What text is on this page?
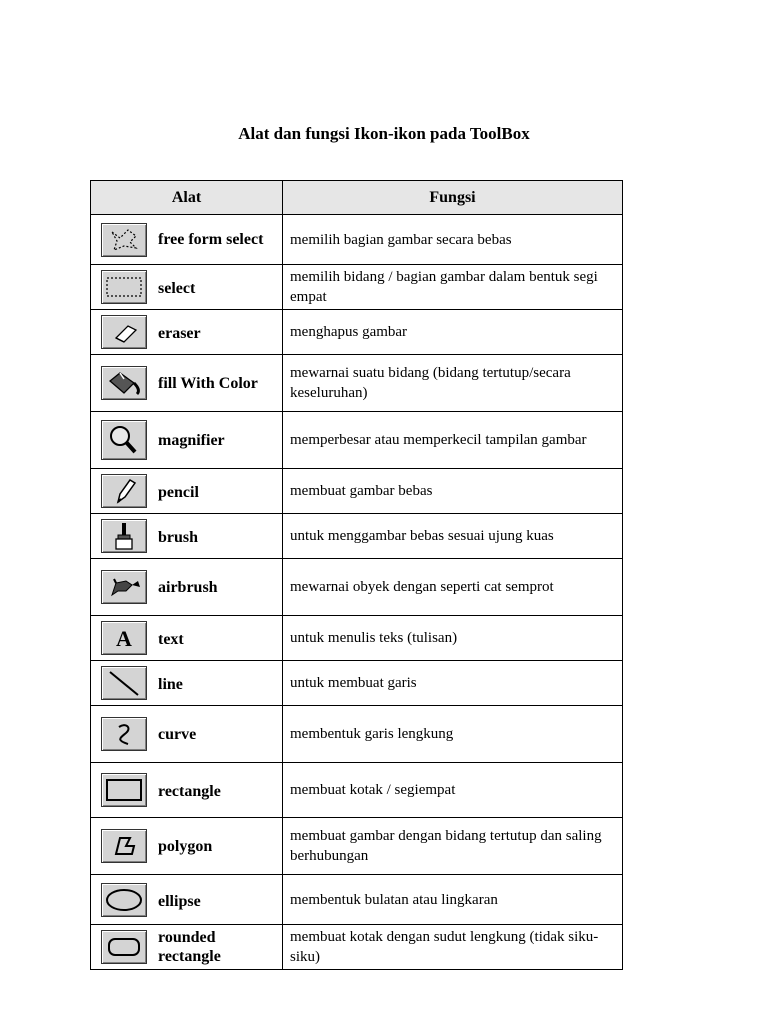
Alat dan fungsi Ikon-ikon pada ToolBox
Alat	Fungsi

free form select	memilih bagian gambar secara bebas

select	memilih bidang / bagian gambar dalam bentuk segi empat

eraser	menghapus gambar

fill With Color	mewarnai suatu bidang (bidang tertutup/secara keseluruhan)

magnifier	memperbesar atau memperkecil tampilan gambar

pencil	membuat gambar bebas

brush	untuk menggambar bebas sesuai ujung kuas

airbrush	mewarnai obyek dengan seperti cat semprot

A text	untuk menulis teks (tulisan)

line	untuk membuat garis

curve	membentuk garis lengkung

rectangle	membuat kotak / segiempat

polygon	membuat gambar dengan bidang tertutup dan saling berhubungan

ellipse	membentuk bulatan atau lingkaran

rounded rectangle	membuat kotak dengan sudut lengkung (tidak siku-siku)
